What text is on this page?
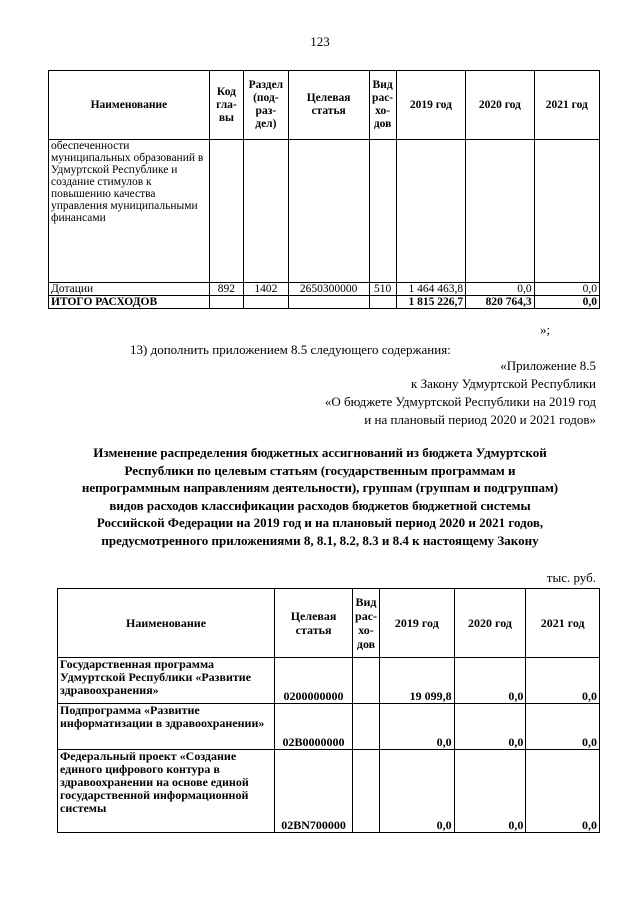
123
Наименование	Код гла-вы	Раздел (под-раз-дел)	Целевая статья	Вид рас-хо-дов	2019 год	2020 год	2021 год
обеспеченности муниципальных образований в Удмуртской Республике и создание стимулов к повышению качества управления муниципальными финансами							
Дотации	892	1402	2650300000	510	1 464 463,8	0,0	0,0
ИТОГО РАСХОДОВ					1 815 226,7	820 764,3	0,0
»;
13) дополнить приложением 8.5 следующего содержания:
«Приложение 8.5
к Закону Удмуртской Республики
«О бюджете Удмуртской Республики на 2019 год
и на плановый период 2020 и 2021 годов»
Изменение распределения бюджетных ассигнований из бюджета Удмуртской Республики по целевым статьям (государственным программам и непрограммным направлениям деятельности), группам (группам и подгруппам) видов расходов классификации расходов бюджетов бюджетной системы Российской Федерации на 2019 год и на плановый период 2020 и 2021 годов, предусмотренного приложениями 8, 8.1, 8.2, 8.3 и 8.4 к настоящему Закону
тыс. руб.
Наименование	Целевая статья	Вид рас-хо-дов	2019 год	2020 год	2021 год
Государственная программа Удмуртской Республики «Развитие здравоохранения»	0200000000		19 099,8	0,0	0,0
Подпрограмма «Развитие информатизации в здравоохранении»	02В0000000		0,0	0,0	0,0
Федеральный проект «Создание единого цифрового контура в здравоохранении на основе единой государственной информационной системы	02ВN700000		0,0	0,0	0,0
